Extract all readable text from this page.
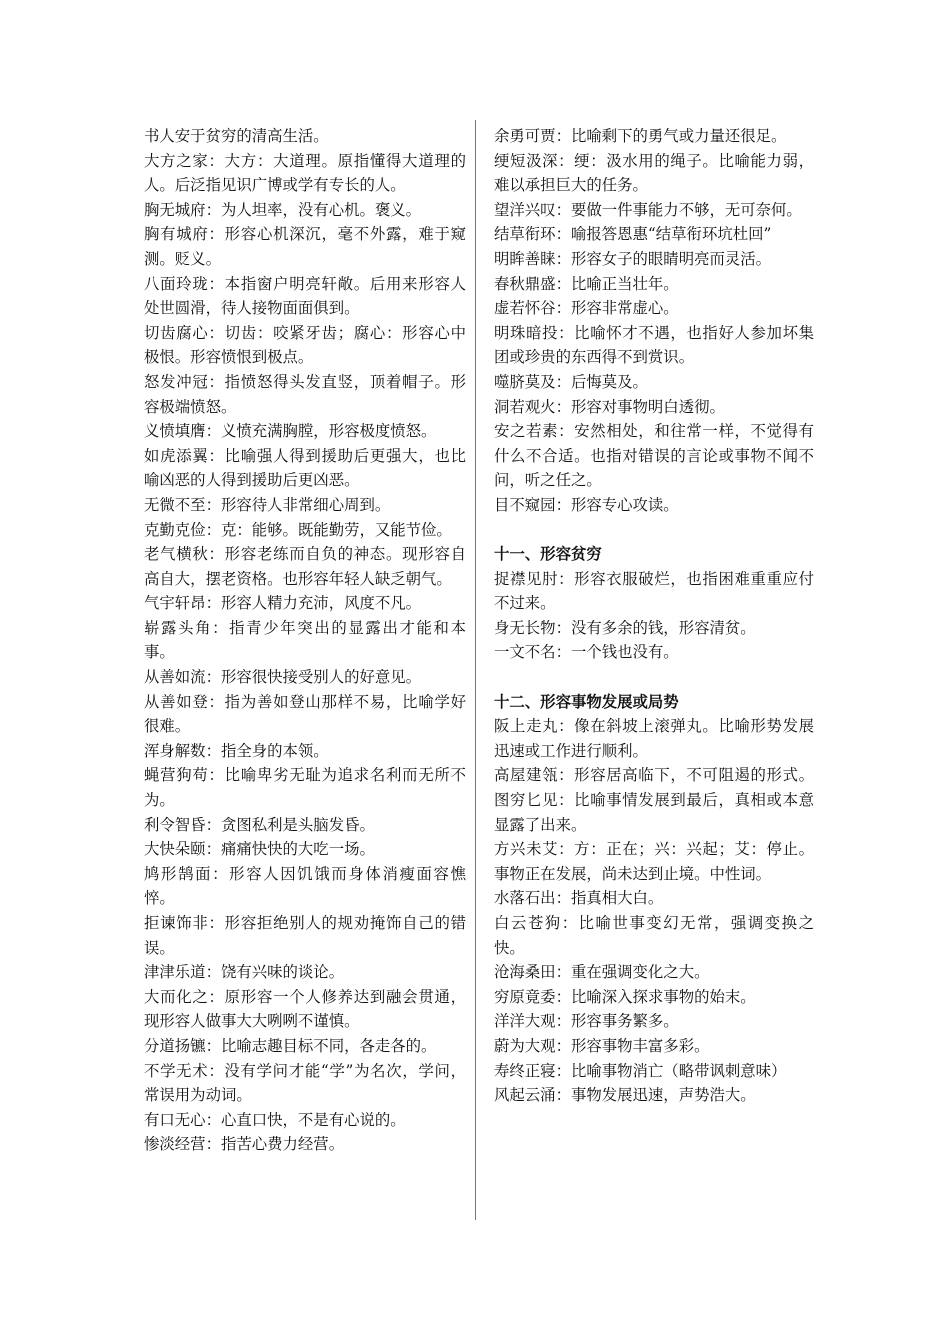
书人安于贫穷的清高生活。
大方之家：大方：大道理。原指懂得大道理的人。后泛指见识广博或学有专长的人。
胸无城府：为人坦率，没有心机。褒义。
胸有城府：形容心机深沉，毫不外露，难于窥测。贬义。
八面玲珑：本指窗户明亮轩敞。后用来形容人处世圆滑，待人接物面面俱到。
切齿腐心：切齿：咬紧牙齿；腐心：形容心中极恨。形容愤恨到极点。
怒发冲冠：指愤怒得头发直竖，顶着帽子。形容极端愤怒。
义愤填膺：义愤充满胸膛，形容极度愤怒。
如虎添翼：比喻强人得到援助后更强大，也比喻凶恶的人得到援助后更凶恶。
无微不至：形容待人非常细心周到。
克勤克俭：克：能够。既能勤劳，又能节俭。
老气横秋：形容老练而自负的神态。现形容自高自大，摆老资格。也形容年轻人缺乏朝气。
气宇轩昂：形容人精力充沛，风度不凡。
崭露头角：指青少年突出的显露出才能和本事。
从善如流：形容很快接受别人的好意见。
从善如登：指为善如登山那样不易，比喻学好很难。
浑身解数：指全身的本领。
蝇营狗苟：比喻卑劣无耻为追求名利而无所不为。
利令智昏：贪图私利是头脑发昏。
大快朵颐：痛痛快快的大吃一场。
鸠形鹄面：形容人因饥饿而身体消瘦面容憔悴。
拒谏饰非：形容拒绝别人的规劝掩饰自己的错误。
津津乐道：饶有兴味的谈论。
大而化之：原形容一个人修养达到融会贯通，现形容人做事大大咧咧不谨慎。
分道扬镳：比喻志趣目标不同，各走各的。
不学无术：没有学问才能“学”为名次，学问，常误用为动词。
有口无心：心直口快，不是有心说的。
惨淡经营：指苦心费力经营。
余勇可贾：比喻剩下的勇气或力量还很足。
绠短汲深：绠：汲水用的绳子。比喻能力弱，难以承担巨大的任务。
望洋兴叹：要做一件事能力不够，无可奈何。
结草衔环：喻报答恩惠“结草衔环坑杜回”
明眸善睐：形容女子的眼睛明亮而灵活。
春秋鼎盛：比喻正当壮年。
虚若怀谷：形容非常虚心。
明珠暗投：比喻怀才不遇，也指好人参加坏集团或珍贵的东西得不到赏识。
噬脐莫及：后悔莫及。
洞若观火：形容对事物明白透彻。
安之若素：安然相处，和往常一样，不觉得有什么不合适。也指对错误的言论或事物不闻不问，听之任之。
目不窥园：形容专心攻读。
十一、形容贫穷
捉襟见肘：形容衣服破烂，也指困难重重应付不过来。
身无长物：没有多余的钱，形容清贫。
一文不名：一个钱也没有。
十二、形容事物发展或局势
阪上走丸：像在斜坡上滚弹丸。比喻形势发展迅速或工作进行顺利。
高屋建瓴：形容居高临下，不可阻遏的形式。图穷匕见：比喻事情发展到最后，真相或本意显露了出来。
方兴未艾：方：正在；兴：兴起；艾：停止。事物正在发展，尚未达到止境。中性词。
水落石出：指真相大白。
白云苍狗：比喻世事变幻无常，强调变换之快。
沧海桑田：重在强调变化之大。
穷原竟委：比喻深入探求事物的始末。
洋洋大观：形容事务繁多。
蔚为大观：形容事物丰富多彩。
寿终正寝：比喻事物消亡（略带讽刺意味）
风起云涌：事物发展迅速，声势浩大。
